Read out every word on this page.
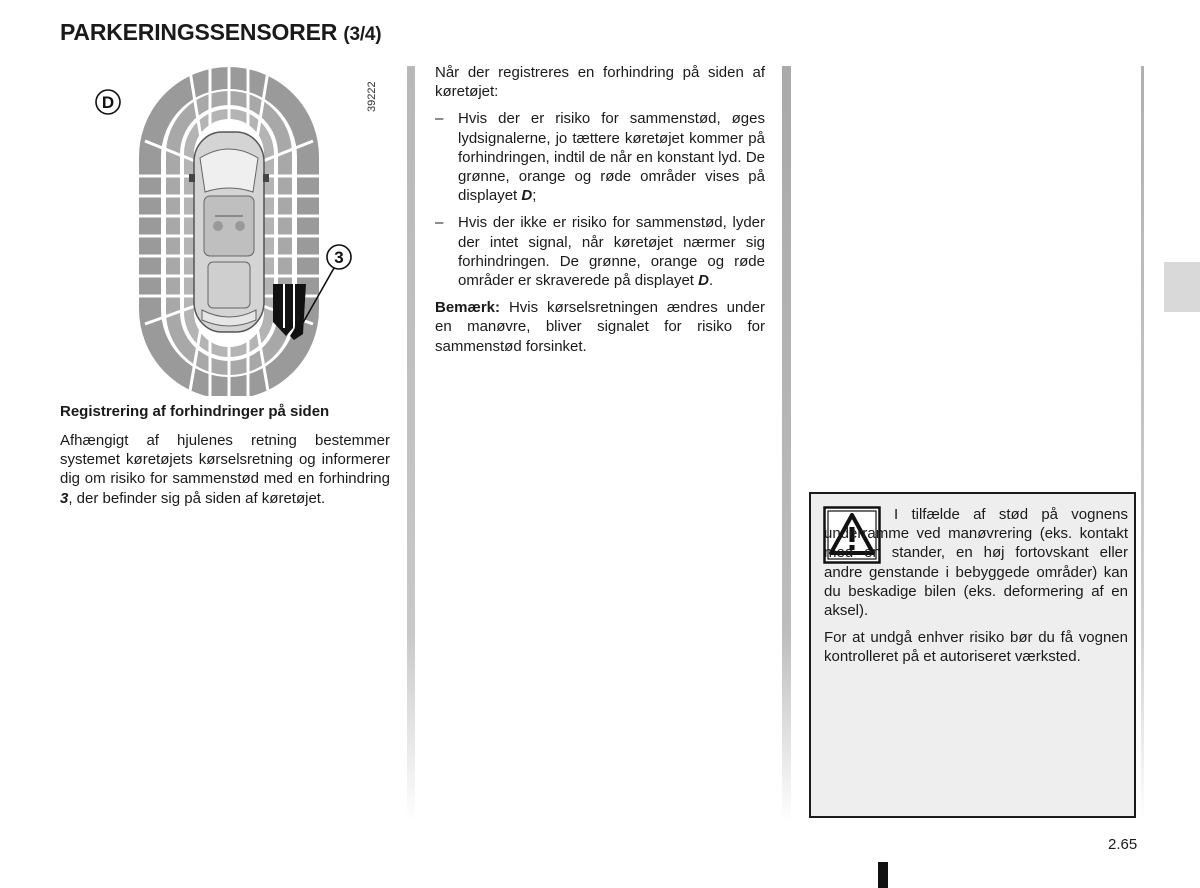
PARKERINGSSENSORER (3/4)
D
3
39222
Registrering af forhindringer på siden
Afhængigt af hjulenes retning bestemmer systemet køretøjets kørselsretning og informerer dig om risiko for sammenstød med en forhindring 3, der befinder sig på siden af køretøjet.

Når der registreres en forhindring på siden af køretøjet:

– Hvis der er risiko for sammenstød, øges lydsignalerne, jo tættere køretøjet kommer på forhindringen, indtil de når en konstant lyd. De grønne, orange og røde områder vises på displayet D;
– Hvis der ikke er risiko for sammenstød, lyder der intet signal, når køretøjet nærmer sig forhindringen. De grønne, orange og røde områder er skraverede på displayet D.

Bemærk: Hvis kørselsretningen ændres under en manøvre, bliver signalet for risiko for sammenstød forsinket.

I tilfælde af stød på vognens underramme ved manøvrering (eks. kontakt med en stander, en høj fortovskant eller andre genstande i bebyggede områder) kan du beskadige bilen (eks. deformering af en aksel).

For at undgå enhver risiko bør du få vognen kontrolleret på et autoriseret værksted.

2.65
